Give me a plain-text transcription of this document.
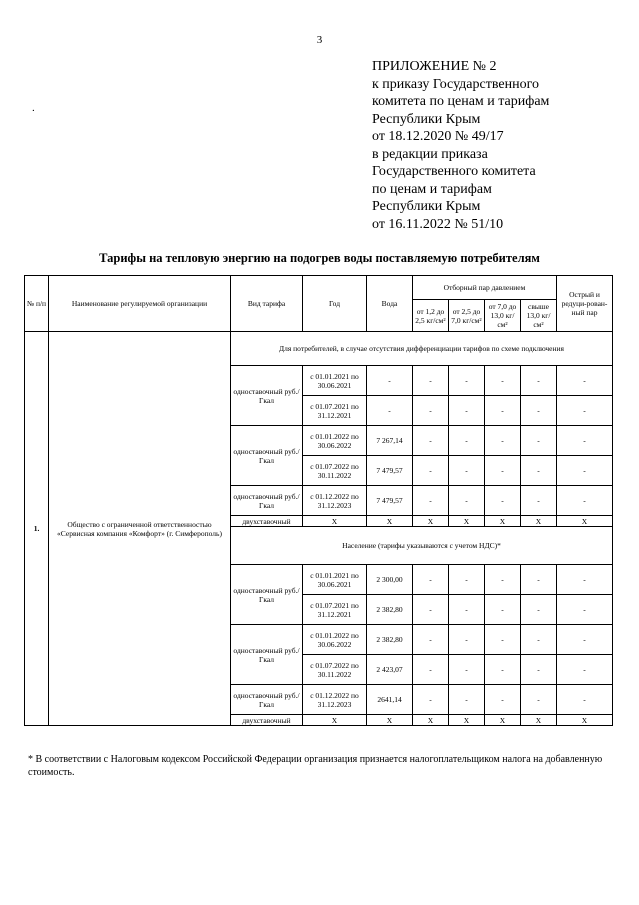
3
.
ПРИЛОЖЕНИЕ № 2
к приказу Государственного
комитета по ценам и тарифам
Республики Крым
от 18.12.2020 № 49/17
в редакции приказа
Государственного комитета
по ценам и тарифам
Республики Крым
от 16.11.2022 № 51/10
Тарифы на тепловую энергию на подогрев воды поставляемую потребителям
№ п/п	Наименование регулируемой организации	Вид тарифа	Год	Вода	Отборный пар давлением				Острый и редуци-рован-ный пар
					от 1,2 до 2,5 кг/см²	от 2,5 до 7,0 кг/см²	от 7,0 до 13,0 кг/см²	свыше 13,0 кг/см²	
1.	Общество с ограниченной ответственностью «Сервисная компания «Комфорт» (г. Симферополь)	Для потребителей, в случае отсутствия дифференциации тарифов по схеме подключения							
		одноставочный руб./Гкал	с 01.01.2021 по 30.06.2021	-	-	-	-	-	-
			с 01.07.2021 по 31.12.2021	-	-	-	-	-	-
		одноставочный руб./Гкал	с 01.01.2022 по 30.06.2022	7 267,14	-	-	-	-	-
			с 01.07.2022 по 30.11.2022	7 479,57	-	-	-	-	-
		одноставочный руб./Гкал	с 01.12.2022 по 31.12.2023	7 479,57	-	-	-	-	-
		двухставочный	X	X	X	X	X	X	X
		Население (тарифы указываются с учетом НДС)*							
		одноставочный руб./Гкал	с 01.01.2021 по 30.06.2021	2 300,00	-	-	-	-	-
			с 01.07.2021 по 31.12.2021	2 382,80	-	-	-	-	-
		одноставочный руб./Гкал	с 01.01.2022 по 30.06.2022	2 382,80	-	-	-	-	-
			с 01.07.2022 по 30.11.2022	2 423,07	-	-	-	-	-
		одноставочный руб./Гкал	с 01.12.2022 по 31.12.2023	2641,14	-	-	-	-	-
		двухставочный	X	X	X	X	X	X	X
* В соответствии с Налоговым кодексом Российской Федерации организация признается налогоплательщиком налога на добавленную стоимость.
